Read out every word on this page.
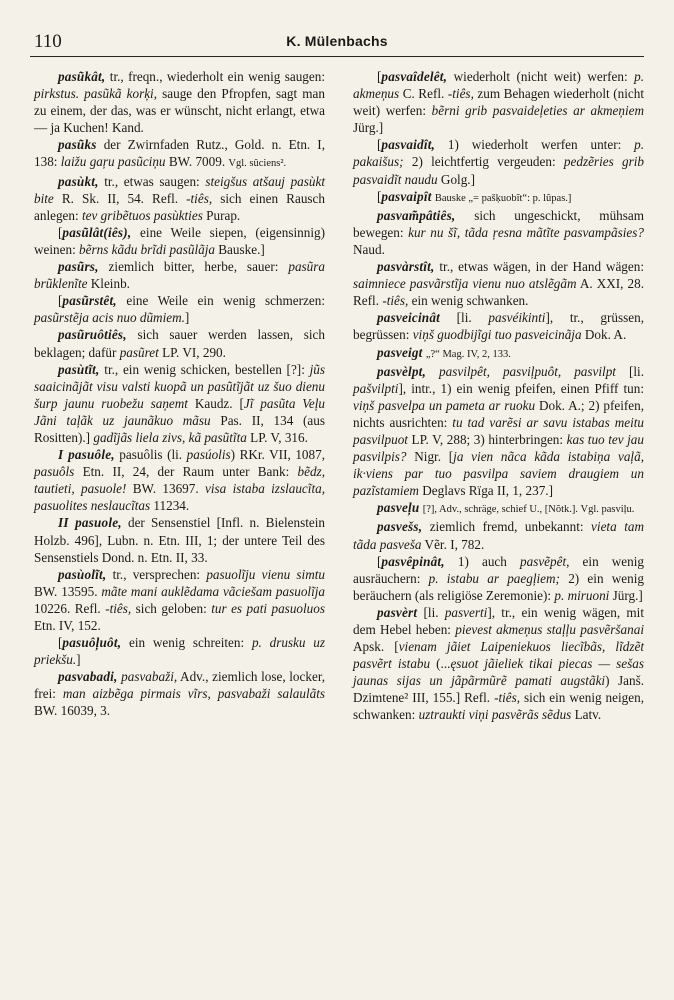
110	K. Mülenbachs

pasũkât, tr., freqn., wiederholt ein wenig saugen: pirkstus. pasũkã korķi, sauge den Pfropfen, sagt man zu einem, der das, was er wünscht, nicht erlangt, etwa — ja Kuchen! Kand.

pasũks der Zwirnfaden Rutz., Gold. n. Etn. I, 138: laižu gaŗu pasũciņu BW. 7009. Vgl. sûciens².

pasùkt, tr., etwas saugen: steigšus atšauj pasùkt bite R. Sk. II, 54. Refl. -tiês, sich einen Rausch anlegen: tev gribẽtuos pasùkties Purap.

[pasũlât(iês), eine Weile siepen, (eigensinnig) weinen: bẽrns kãdu brĩdi pasũlãja Bauske.]

pasũrs, ziemlich bitter, herbe, sauer: pasũra brũklenĩte Kleinb.

[pasũrstêt, eine Weile ein wenig schmerzen: pasũrstẽja acis nuo dũmiem.]

pasũruôtiês, sich sauer werden lassen, sich beklagen; dafür pasũret LP. VI, 290.

pasùtĩt, tr., ein wenig schicken, bestellen [?]: jũs saaicinãjãt visu valsti kuopã un pasũtĩjãt uz šuo dienu šurp jaunu ruobežu saņemt Kaudz. [Jĩ pasũta Veļu Jãni taļãk uz jaunãkuo mãsu Pas. II, 134 (aus Rositten).] gadĩjãs liela zivs, kã pasũtĩta LP. V, 316.

I pasuôle, pasuôlis (li. pasúolis) RKr. VII, 1087, pasuôls Etn. II, 24, der Raum unter Bank: bẽdz, tautieti, pasuole! BW. 13697. visa istaba izslaucĩta, pasuolites neslaucĩtas 11234.

II pasuole, der Sensenstiel [Infl. n. Bielenstein Holzb. 496], Lubn. n. Etn. III, 1; der untere Teil des Sensenstiels Dond. n. Etn. II, 33.

pasùolĩt, tr., versprechen: pasuolĩju vienu simtu BW. 13595. mãte mani auklẽdama vãciešam pasuolĩja 10226. Refl. -tiês, sich geloben: tur es pati pasuoluos Etn. IV, 152.

[pasuôļuôt, ein wenig schreiten: p. drusku uz priekšu.]

pasvabadi, pasvabaži, Adv., ziemlich lose, locker, frei: man aizbẽga pirmais vĩrs, pasvabaži salaulãts BW. 16039, 3.

[pasvaîdelêt, wiederholt (nicht weit) werfen: p. akmeņus C. Refl. -tiês, zum Behagen wiederholt (nicht weit) werfen: bẽrni grib pasvaideļeties ar akmeņiem Jürg.]

[pasvaidît, 1) wiederholt werfen unter: p. pakaišus; 2) leichtfertig vergeuden: pedzẽries grib pasvaidĩt naudu Golg.]

[pasvaipît Bauske „= pašķuobĩt“: p. lũpas.]

pasvam̃pâtiês, sich ungeschickt, mühsam bewegen: kur nu šĩ, tãda ŗesna mãtĩte pasvampãsies? Naud.

pasvàrstît, tr., etwas wägen, in der Hand wägen: saimniece pasvãrstĩja vienu nuo atslẽgãm A. XXI, 28. Refl. -tiês, ein wenig schwanken.

pasveicinât [li. pasvéikinti], tr., grüssen, begrüssen: viņš guodbijĩgi tuo pasveicinãja Dok. A.

pasveigt „?“ Mag. IV, 2, 133.

pasvèlpt, pasvilpêt, pasviļpuôt, pasvilpt [li. pašvilpti], intr., 1) ein wenig pfeifen, einen Pfiff tun: viņš pasvelpa un pameta ar ruoku Dok. A.; 2) pfeifen, nichts ausrichten: tu tad varẽsi ar savu istabas meitu pasvilpuot LP. V, 288; 3) hinterbringen: kas tuo tev jau pasvilpis? Nigr. [ja vien nãca kãda istabiņa vaļã, ik·viens par tuo pasvilpa saviem draugiem un pazĩstamiem Deglavs Rïga II, 1, 237.]

pasveļu [?], Adv., schräge, schief U., [Nõtk.]. Vgl. pasviļu.

pasvešs, ziemlich fremd, unbekannt: vieta tam tãda pasveša Vẽr. I, 782.

[pasvêpinât, 1) auch pasvẽpêt, ein wenig ausräuchern: p. istabu ar paegļiem; 2) ein wenig beräuchern (als religiöse Zeremonie): p. miruoni Jürg.]

pasvèrt [li. pasverti], tr., ein wenig wägen, mit dem Hebel heben: pievest akmeņus staļļu pasvẽršanai Apsk. [vienam jãiet Laipeniekuos liecĩbãs, lĩdzẽt pasvẽrt istabu (...ęsuot jãieliek tikai piecas — sešas jaunas sijas un jãpãrmũrẽ pamati augstãki) Janš. Dzimtene² III, 155.] Refl. -tiês, sich ein wenig neigen, schwanken: uztraukti viņi pasvẽrãs sẽdus Latv.
